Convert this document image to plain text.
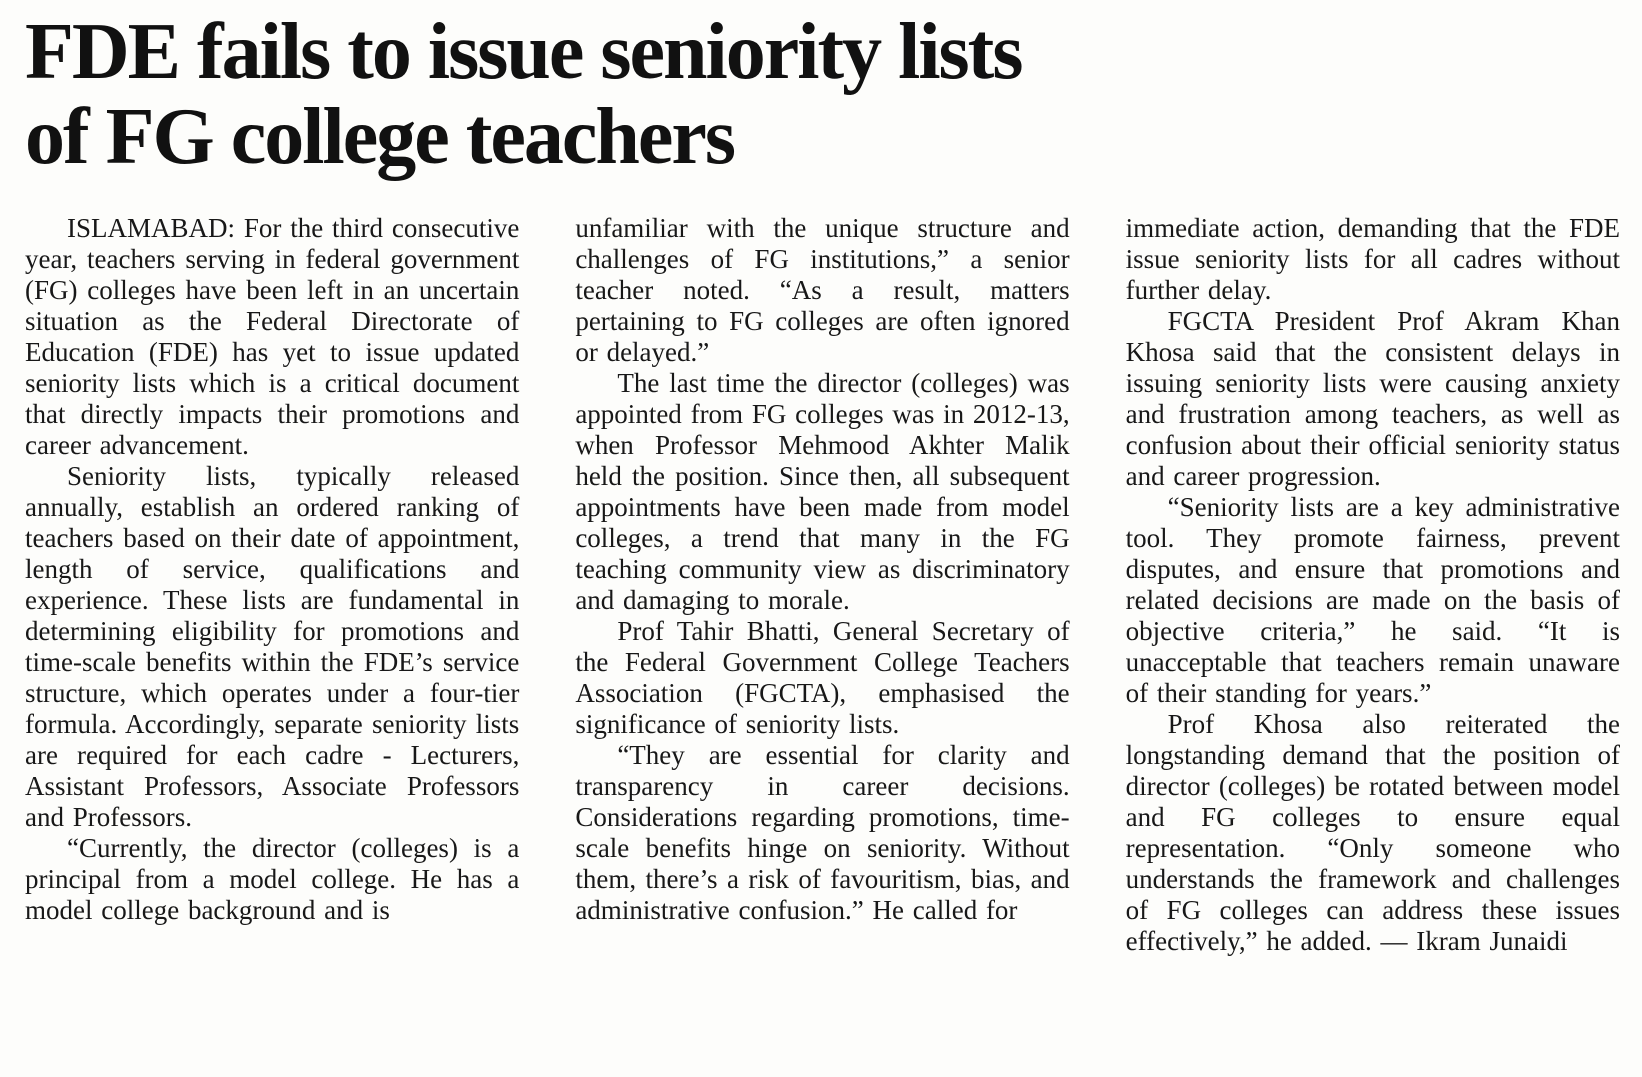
FDE fails to issue seniority lists
of FG college teachers

ISLAMABAD: For the third consecutive year, teachers serving in federal government (FG) colleges have been left in an uncertain situation as the Federal Directorate of Education (FDE) has yet to issue updated seniority lists which is a critical document that directly impacts their promotions and career advancement.

Seniority lists, typically released annually, establish an ordered ranking of teachers based on their date of appointment, length of service, qualifications and experience. These lists are fundamental in determining eligibility for promotions and time-scale benefits within the FDE’s service structure, which operates under a four-tier formula. Accordingly, separate seniority lists are required for each cadre - Lecturers, Assistant Professors, Associate Professors and Professors.

“Currently, the director (colleges) is a principal from a model college. He has a model college background and is

unfamiliar with the unique structure and challenges of FG institutions,” a senior teacher noted. “As a result, matters pertaining to FG colleges are often ignored or delayed.”

The last time the director (colleges) was appointed from FG colleges was in 2012-13, when Professor Mehmood Akhter Malik held the position. Since then, all subsequent appointments have been made from model colleges, a trend that many in the FG teaching community view as discriminatory and damaging to morale.

Prof Tahir Bhatti, General Secretary of the Federal Government College Teachers Association (FGCTA), emphasised the significance of seniority lists.

“They are essential for clarity and transparency in career decisions. Considerations regarding promotions, time-scale benefits hinge on seniority. Without them, there’s a risk of favouritism, bias, and administrative confusion.” He called for

immediate action, demanding that the FDE issue seniority lists for all cadres without further delay.

FGCTA President Prof Akram Khan Khosa said that the consistent delays in issuing seniority lists were causing anxiety and frustration among teachers, as well as confusion about their official seniority status and career progression.

“Seniority lists are a key administrative tool. They promote fairness, prevent disputes, and ensure that promotions and related decisions are made on the basis of objective criteria,” he said. “It is unacceptable that teachers remain unaware of their standing for years.”

Prof Khosa also reiterated the longstanding demand that the position of director (colleges) be rotated between model and FG colleges to ensure equal representation. “Only someone who understands the framework and challenges of FG colleges can address these issues effectively,” he added. — Ikram Junaidi
